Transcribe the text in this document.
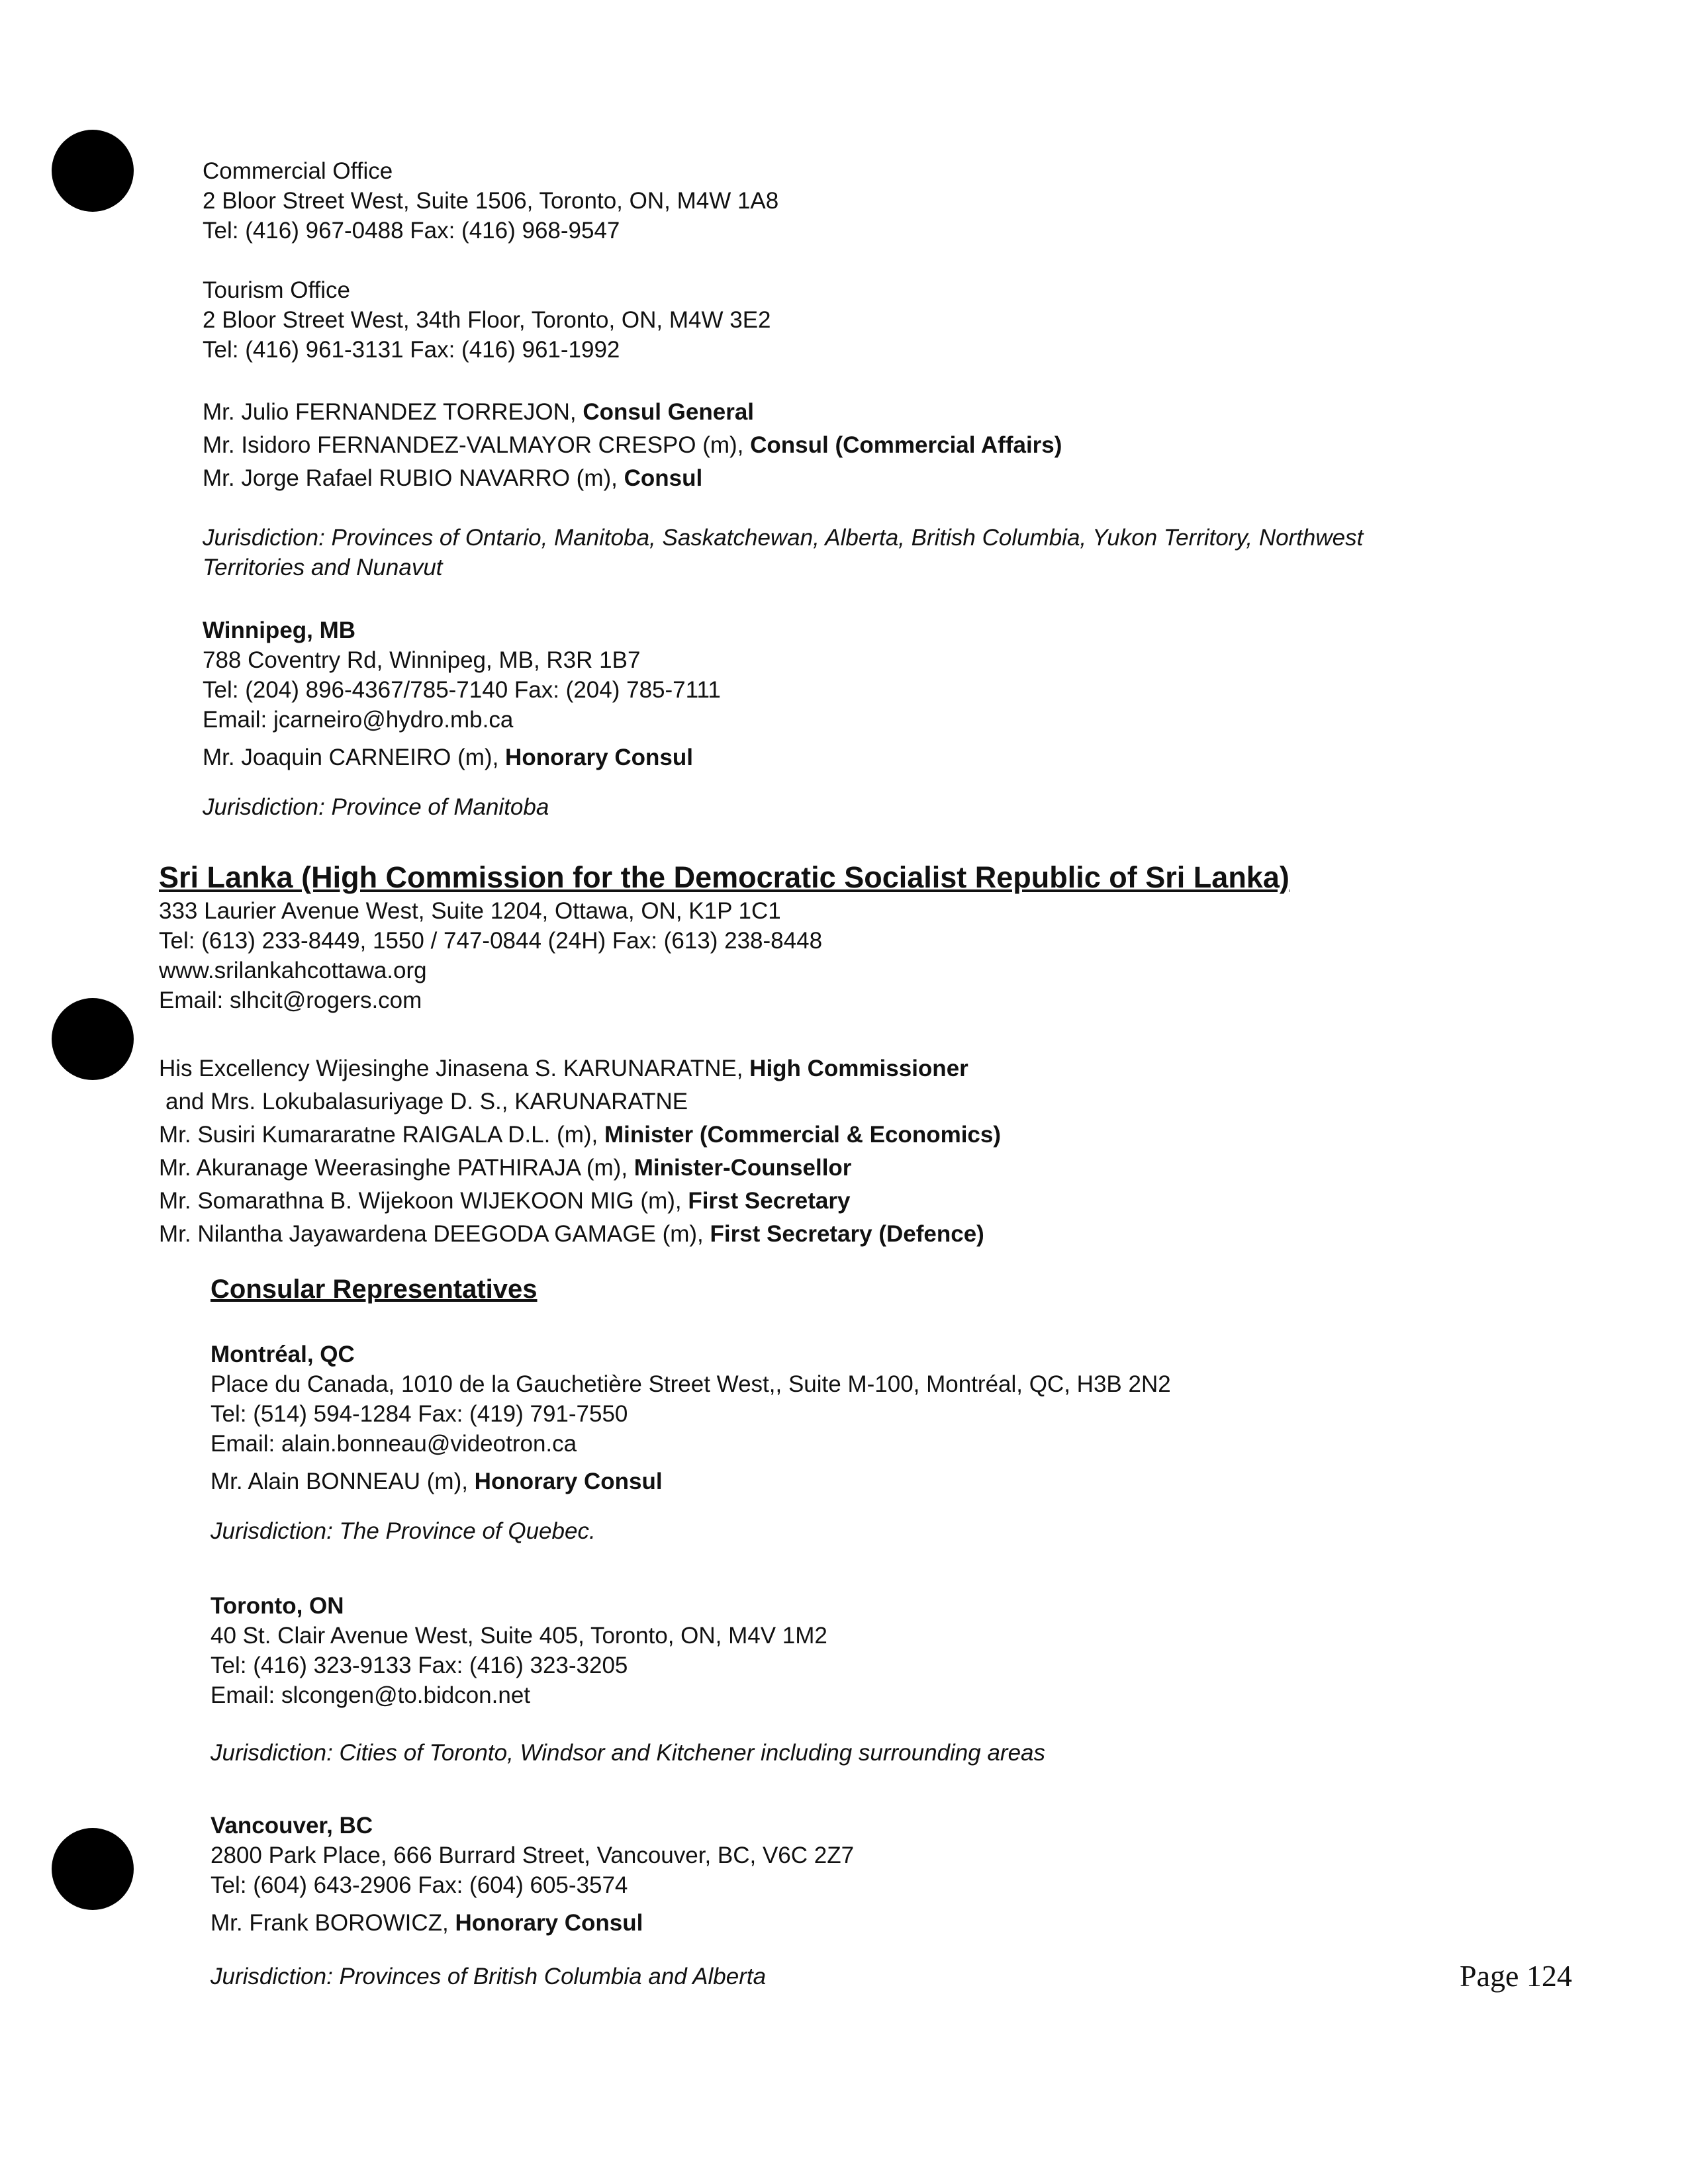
Commercial Office
2 Bloor Street West, Suite 1506, Toronto, ON, M4W 1A8
Tel: (416) 967-0488 Fax: (416) 968-9547
Tourism Office
2 Bloor Street West, 34th Floor, Toronto, ON, M4W 3E2
Tel: (416) 961-3131 Fax: (416) 961-1992
Mr. Julio FERNANDEZ TORREJON, Consul General
Mr. Isidoro FERNANDEZ-VALMAYOR CRESPO (m), Consul (Commercial Affairs)
Mr. Jorge Rafael RUBIO NAVARRO (m), Consul
Jurisdiction: Provinces of Ontario, Manitoba, Saskatchewan, Alberta, British Columbia, Yukon Territory, Northwest
Territories and Nunavut
Winnipeg, MB
788 Coventry Rd, Winnipeg, MB, R3R 1B7
Tel: (204) 896-4367/785-7140 Fax: (204) 785-7111
Email: jcarneiro@hydro.mb.ca
Mr. Joaquin CARNEIRO (m), Honorary Consul
Jurisdiction: Province of Manitoba
Sri Lanka (High Commission for the Democratic Socialist Republic of Sri Lanka)
333 Laurier Avenue West, Suite 1204, Ottawa, ON, K1P 1C1
Tel: (613) 233-8449, 1550 / 747-0844 (24H) Fax: (613) 238-8448
www.srilankahcottawa.org
Email: slhcit@rogers.com
His Excellency Wijesinghe Jinasena S. KARUNARATNE, High Commissioner
and Mrs. Lokubalasuriyage D. S., KARUNARATNE
Mr. Susiri Kumararatne RAIGALA D.L. (m), Minister (Commercial & Economics)
Mr. Akuranage Weerasinghe PATHIRAJA (m), Minister-Counsellor
Mr. Somarathna B. Wijekoon WIJEKOON MIG (m), First Secretary
Mr. Nilantha Jayawardena DEEGODA GAMAGE (m), First Secretary (Defence)
Consular Representatives
Montréal, QC
Place du Canada, 1010 de la Gauchetière Street West,, Suite M-100, Montréal, QC, H3B 2N2
Tel: (514) 594-1284 Fax: (419) 791-7550
Email: alain.bonneau@videotron.ca
Mr. Alain BONNEAU (m), Honorary Consul
Jurisdiction: The Province of Quebec.
Toronto, ON
40 St. Clair Avenue West, Suite 405, Toronto, ON, M4V 1M2
Tel: (416) 323-9133 Fax: (416) 323-3205
Email: slcongen@to.bidcon.net
Jurisdiction: Cities of Toronto, Windsor and Kitchener including surrounding areas
Vancouver, BC
2800 Park Place, 666 Burrard Street, Vancouver, BC, V6C 2Z7
Tel: (604) 643-2906 Fax: (604) 605-3574
Mr. Frank BOROWICZ, Honorary Consul
Jurisdiction: Provinces of British Columbia and Alberta	Page 124
